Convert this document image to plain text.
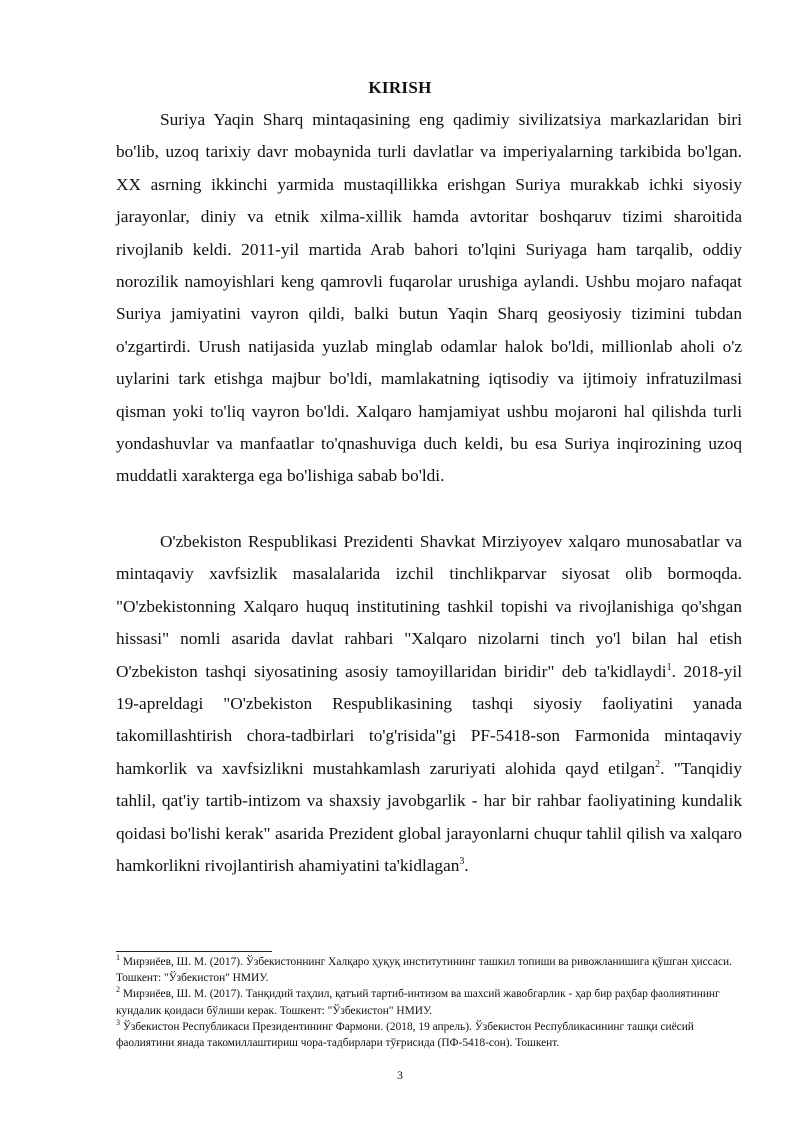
KIRISH

Suriya Yaqin Sharq mintaqasining eng qadimiy sivilizatsiya markazlaridan biri bo'lib, uzoq tarixiy davr mobaynida turli davlatlar va imperiyalarning tarkibida bo'lgan. XX asrning ikkinchi yarmida mustaqillikka erishgan Suriya murakkab ichki siyosiy jarayonlar, diniy va etnik xilma-xillik hamda avtoritar boshqaruv tizimi sharoitida rivojlanib keldi. 2011-yil martida Arab bahori to'lqini Suriyaga ham tarqalib, oddiy norozilik namoyishlari keng qamrovli fuqarolar urushiga aylandi. Ushbu mojaro nafaqat Suriya jamiyatini vayron qildi, balki butun Yaqin Sharq geosiyosiy tizimini tubdan o'zgartirdi. Urush natijasida yuzlab minglab odamlar halok bo'ldi, millionlab aholi o'z uylarini tark etishga majbur bo'ldi, mamlakatning iqtisodiy va ijtimoiy infratuzilmasi qisman yoki to'liq vayron bo'ldi. Xalqaro hamjamiyat ushbu mojaroni hal qilishda turli yondashuvlar va manfaatlar to'qnashuviga duch keldi, bu esa Suriya inqirozining uzoq muddatli xarakterga ega bo'lishiga sabab bo'ldi.

O'zbekiston Respublikasi Prezidenti Shavkat Mirziyoyev xalqaro munosabatlar va mintaqaviy xavfsizlik masalalarida izchil tinchlikparvar siyosat olib bormoqda. "O'zbekistonning Xalqaro huquq institutining tashkil topishi va rivojlanishiga qo'shgan hissasi" nomli asarida davlat rahbari "Xalqaro nizolarni tinch yo'l bilan hal etish O'zbekiston tashqi siyosatining asosiy tamoyillaridan biridir" deb ta'kidlaydi$^1$. 2018-yil 19-apreldagi "O'zbekiston Respublikasining tashqi siyosiy faoliyatini yanada takomillashtirish chora-tadbirlari to'g'risida"gi PF-5418-son Farmonida mintaqaviy hamkorlik va xavfsizlikni mustahkamlash zaruriyati alohida qayd etilgan$^2$. "Tanqidiy tahlil, qat'iy tartib-intizom va shaxsiy javobgarlik - har bir rahbar faoliyatining kundalik qoidasi bo'lishi kerak" asarida Prezident global jarayonlarni chuqur tahlil qilish va xalqaro hamkorlikni rivojlantirish ahamiyatini ta'kidlagan$^3$.

$^1$ Мирзиёев, Ш. М. (2017). Ўзбекистоннинг Халқаро ҳуқуқ институтининг ташкил топиши ва ривожланишига қўшган ҳиссаси. Тошкент: "Ўзбекистон" НМИУ.

$^2$ Мирзиёев, Ш. М. (2017). Танқидий таҳлил, қатъий тартиб-интизом ва шахсий жавобгарлик - ҳар бир раҳбар фаолиятининг кундалик қоидаси бўлиши керак. Тошкент: "Ўзбекистон" НМИУ.

$^3$ Ўзбекистон Республикаси Президентининг Фармони. (2018, 19 апрель). Ўзбекистон Республикасининг ташқи сиёсий фаолиятини янада такомиллаштириш чора-тадбирлари тўғрисида (ПФ-5418-сон). Тошкент.

3
